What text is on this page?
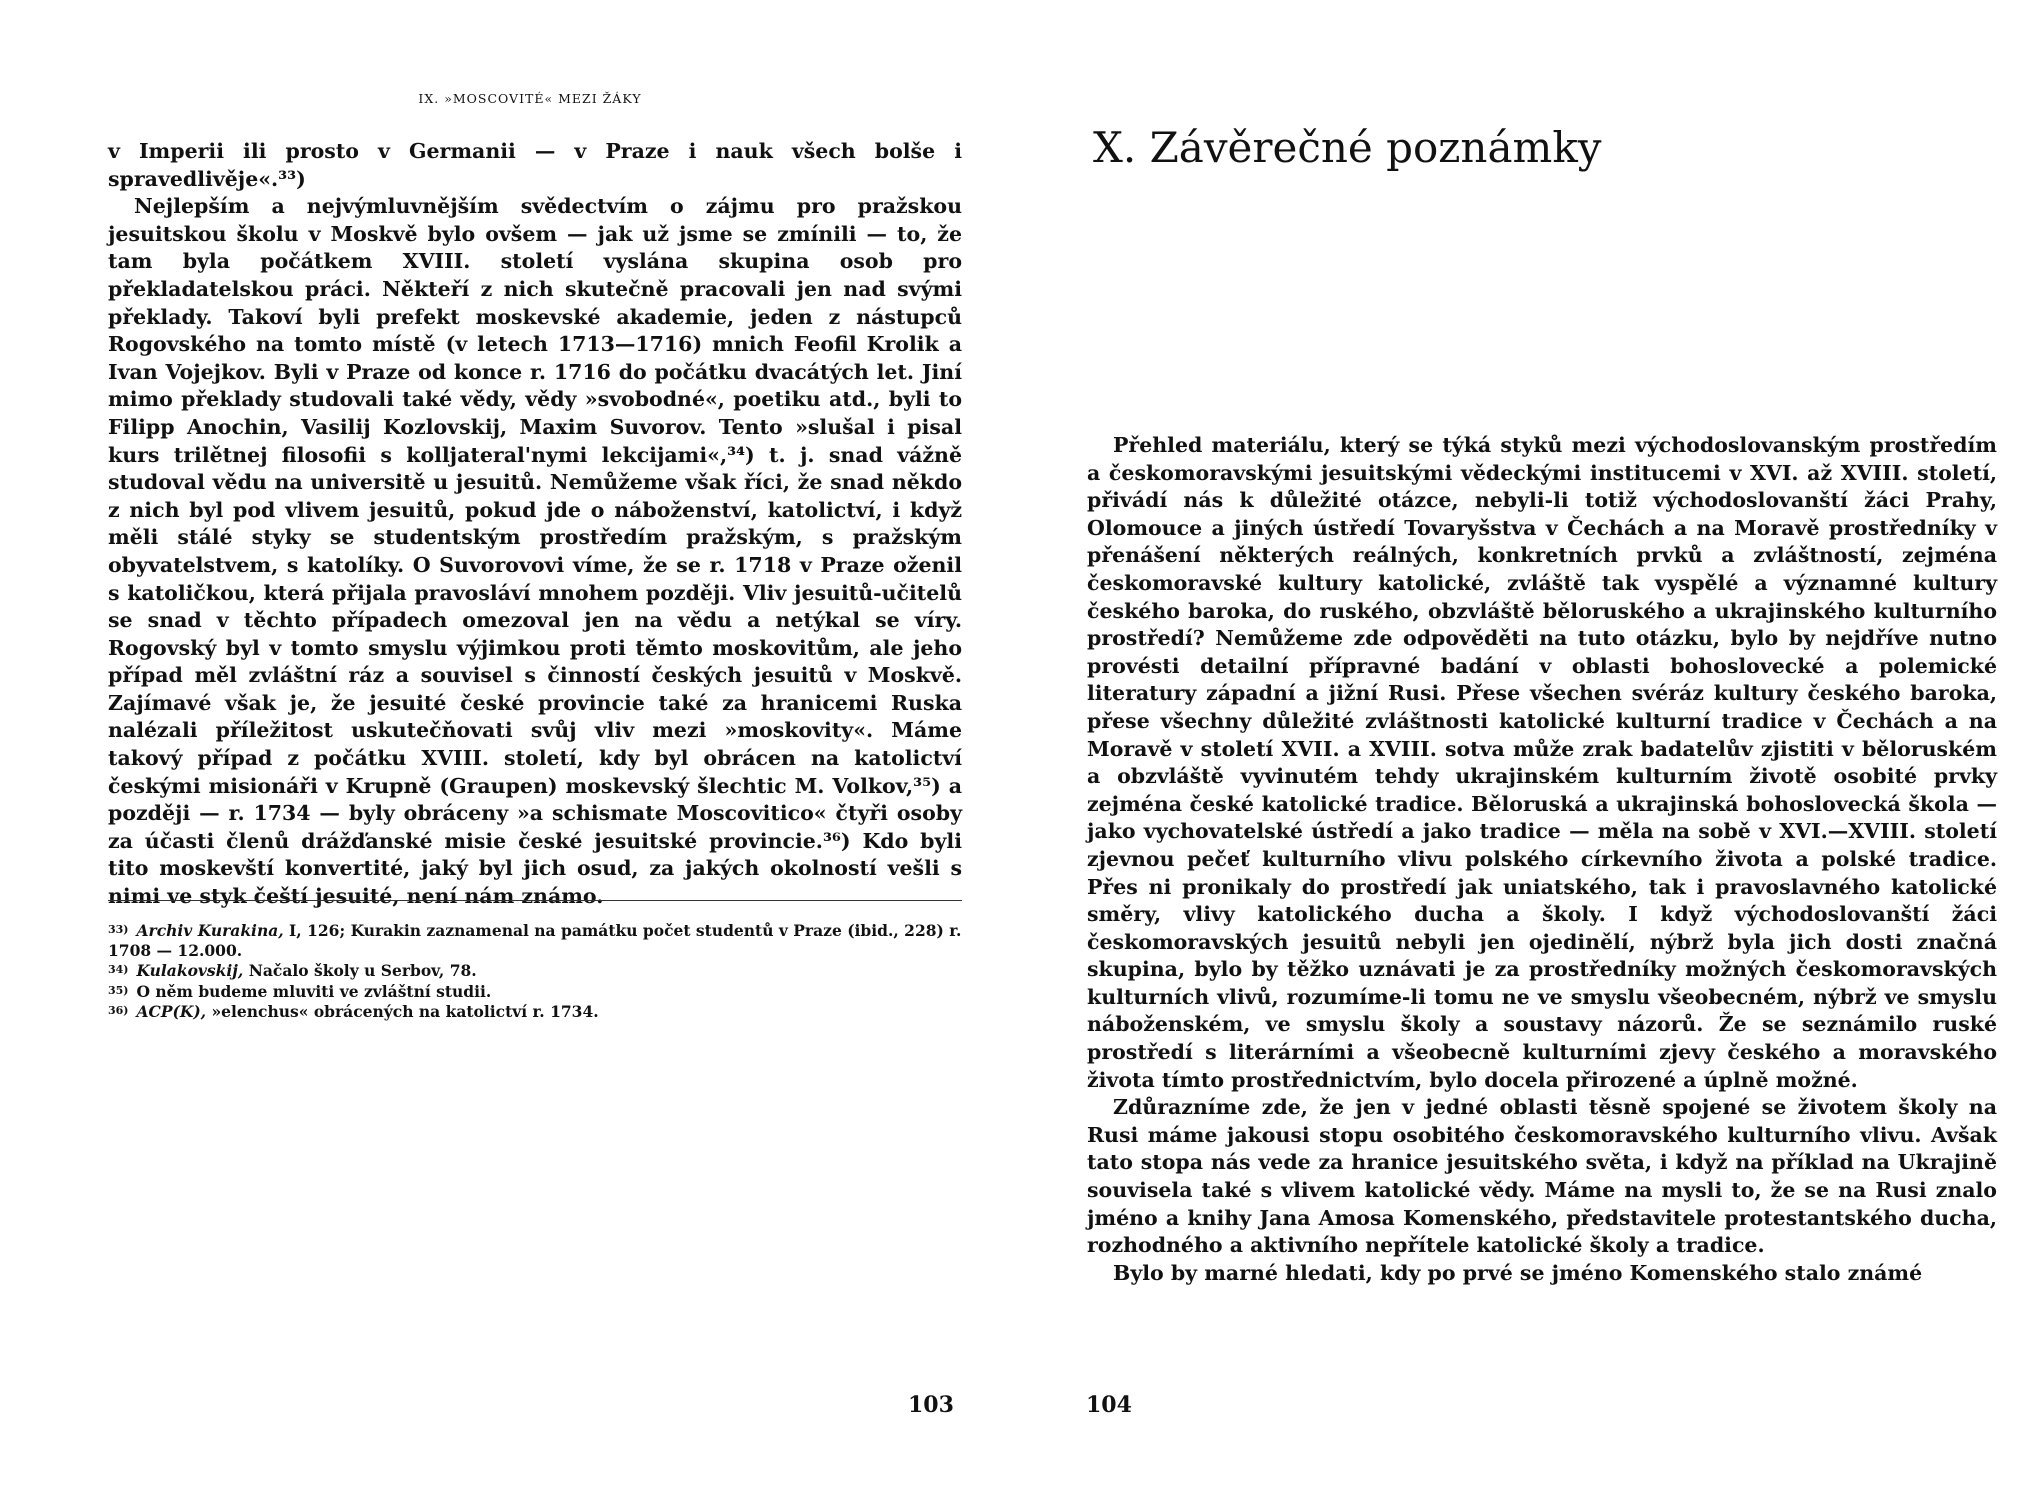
IX. »MOSCOVITÉ« MEZI ŽÁKY

v Imperii ili prosto v Germanii — v Praze i nauk všech bolše i spravedlivěje«.³³)

Nejlepším a nejvýmluvnějším svědectvím o zájmu pro pražskou jesuitskou školu v Moskvě bylo ovšem — jak už jsme se zmínili — to, že tam byla počátkem XVIII. století vyslána skupina osob pro překladatelskou práci. Někteří z nich skutečně pracovali jen nad svými překlady. Takoví byli prefekt moskevské akademie, jeden z nástupců Rogovského na tomto místě (v letech 1713—1716) mnich Feofil Krolik a Ivan Vojejkov. Byli v Praze od konce r. 1716 do počátku dvacátých let. Jiní mimo překlady studovali také vědy, vědy »svobodné«, poetiku atd., byli to Filipp Anochin, Vasilij Kozlovskij, Maxim Suvorov. Tento »slušal i pisal kurs trilětnej filosofii s kolljateral'nymi lekcijami«,³⁴) t. j. snad vážně studoval vědu na universitě u jesuitů. Nemůžeme však říci, že snad někdo z nich byl pod vlivem jesuitů, pokud jde o náboženství, katolictví, i když měli stálé styky se studentským prostředím pražským, s pražským obyvatelstvem, s katolíky. O Suvorovovi víme, že se r. 1718 v Praze oženil s katoličkou, která přijala pravosláví mnohem později. Vliv jesuitů-učitelů se snad v těchto případech omezoval jen na vědu a netýkal se víry. Rogovský byl v tomto smyslu výjimkou proti těmto moskovitům, ale jeho případ měl zvláštní ráz a souvisel s činností českých jesuitů v Moskvě. Zajímavé však je, že jesuité české provincie také za hranicemi Ruska nalézali příležitost uskutečňovati svůj vliv mezi »moskovity«. Máme takový případ z počátku XVIII. století, kdy byl obrácen na katolictví českými misionáři v Krupně (Graupen) moskevský šlechtic M. Volkov,³⁵) a později — r. 1734 — byly obráceny »a schismate Moscovitico« čtyři osoby za účasti členů drážďanské misie české jesuitské provincie.³⁶) Kdo byli tito moskevští konvertité, jaký byl jich osud, za jakých okolností vešli s nimi ve styk čeští jesuité, není nám známo.

33) Archiv Kurakina, I, 126; Kurakin zaznamenal na památku počet studentů v Praze (ibid., 228) r. 1708 — 12.000.

34) Kulakovskij, Načalo školy u Serbov, 78.

35) O něm budeme mluviti ve zvláštní studii.

36) ACP(K), »elenchus« obrácených na katolictví r. 1734.

103
X. Závěrečné poznámky

Přehled materiálu, který se týká styků mezi východoslovanským prostředím a českomoravskými jesuitskými vědeckými institucemi v XVI. až XVIII. století, přivádí nás k důležité otázce, nebyli-li totiž východoslovanští žáci Prahy, Olomouce a jiných ústředí Tovaryšstva v Čechách a na Moravě prostředníky v přenášení některých reálných, konkretních prvků a zvláštností, zejména českomoravské kultury katolické, zvláště tak vyspělé a významné kultury českého baroka, do ruského, obzvláště běloruského a ukrajinského kulturního prostředí? Nemůžeme zde odpověděti na tuto otázku, bylo by nejdříve nutno provésti detailní přípravné badání v oblasti bohoslovecké a polemické literatury západní a jižní Rusi. Přese všechen svéráz kultury českého baroka, přese všechny důležité zvláštnosti katolické kulturní tradice v Čechách a na Moravě v století XVII. a XVIII. sotva může zrak badatelův zjistiti v běloruském a obzvláště vyvinutém tehdy ukrajinském kulturním životě osobité prvky zejména české katolické tradice. Běloruská a ukrajinská bohoslovecká škola — jako vychovatelské ústředí a jako tradice — měla na sobě v XVI.—XVIII. století zjevnou pečeť kulturního vlivu polského církevního života a polské tradice. Přes ni pronikaly do prostředí jak uniatského, tak i pravoslavného katolické směry, vlivy katolického ducha a školy. I když východoslovanští žáci českomoravských jesuitů nebyli jen ojedinělí, nýbrž byla jich dosti značná skupina, bylo by těžko uznávati je za prostředníky možných českomoravských kulturních vlivů, rozumíme-li tomu ne ve smyslu všeobecném, nýbrž ve smyslu náboženském, ve smyslu školy a soustavy názorů. Že se seznámilo ruské prostředí s literárními a všeobecně kulturními zjevy českého a moravského života tímto prostřednictvím, bylo docela přirozené a úplně možné.

Zdůrazníme zde, že jen v jedné oblasti těsně spojené se životem školy na Rusi máme jakousi stopu osobitého českomoravského kulturního vlivu. Avšak tato stopa nás vede za hranice jesuitského světa, i když na příklad na Ukrajině souvisela také s vlivem katolické vědy. Máme na mysli to, že se na Rusi znalo jméno a knihy Jana Amosa Komenského, představitele protestantského ducha, rozhodného a aktivního nepřítele katolické školy a tradice.

Bylo by marné hledati, kdy po prvé se jméno Komenského stalo známé

104
